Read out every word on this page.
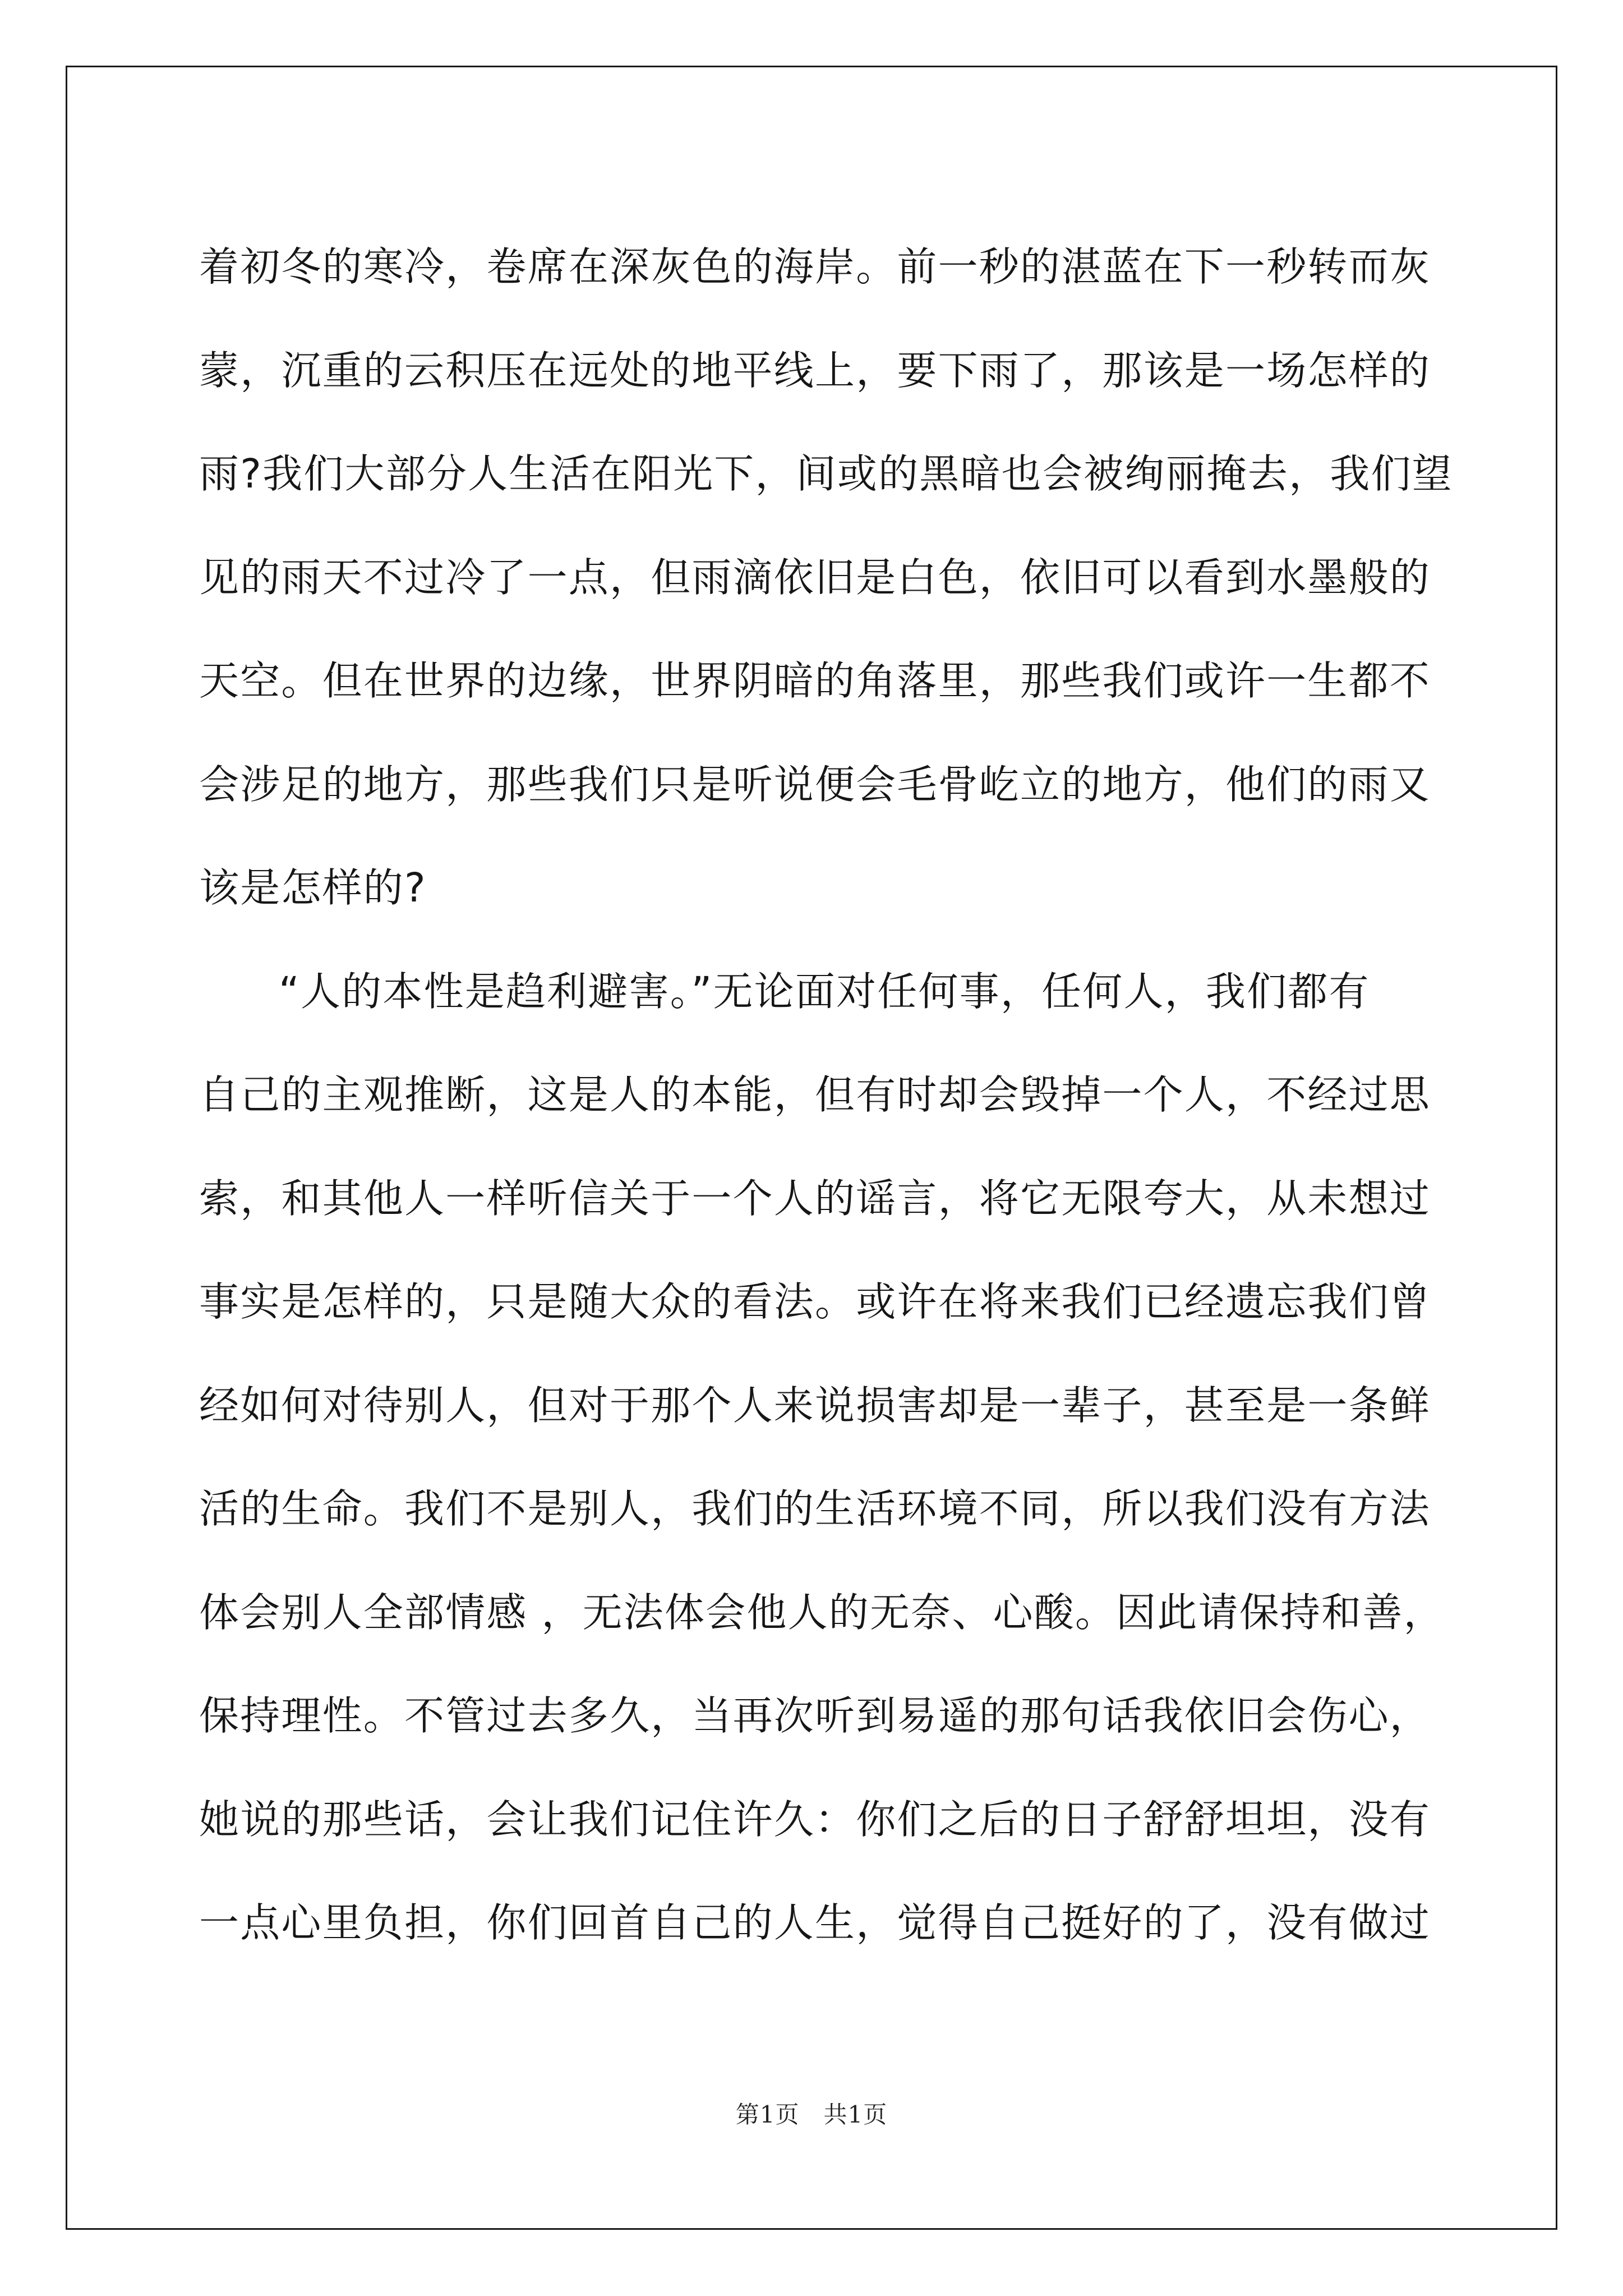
着初冬的寒冷，卷席在深灰色的海岸。前一秒的湛蓝在下一秒转而灰
蒙，沉重的云积压在远处的地平线上，要下雨了，那该是一场怎样的
雨?我们大部分人生活在阳光下，间或的黑暗也会被绚丽掩去，我们望
见的雨天不过冷了一点，但雨滴依旧是白色，依旧可以看到水墨般的
天空。但在世界的边缘，世界阴暗的角落里，那些我们或许一生都不
会涉足的地方，那些我们只是听说便会毛骨屹立的地方，他们的雨又
该是怎样的?
“人的本性是趋利避害。”无论面对任何事，任何人，我们都有
自己的主观推断，这是人的本能，但有时却会毁掉一个人，不经过思
索，和其他人一样听信关于一个人的谣言，将它无限夸大，从未想过
事实是怎样的，只是随大众的看法。或许在将来我们已经遗忘我们曾
经如何对待别人，但对于那个人来说损害却是一辈子，甚至是一条鲜
活的生命。我们不是别人，我们的生活环境不同，所以我们没有方法
体会别人全部情感 ，无法体会他人的无奈、心酸。因此请保持和善，
保持理性。不管过去多久，当再次听到易遥的那句话我依旧会伤心，
她说的那些话，会让我们记住许久：你们之后的日子舒舒坦坦，没有
一点心里负担，你们回首自己的人生，觉得自己挺好的了，没有做过
第1页 共1页
